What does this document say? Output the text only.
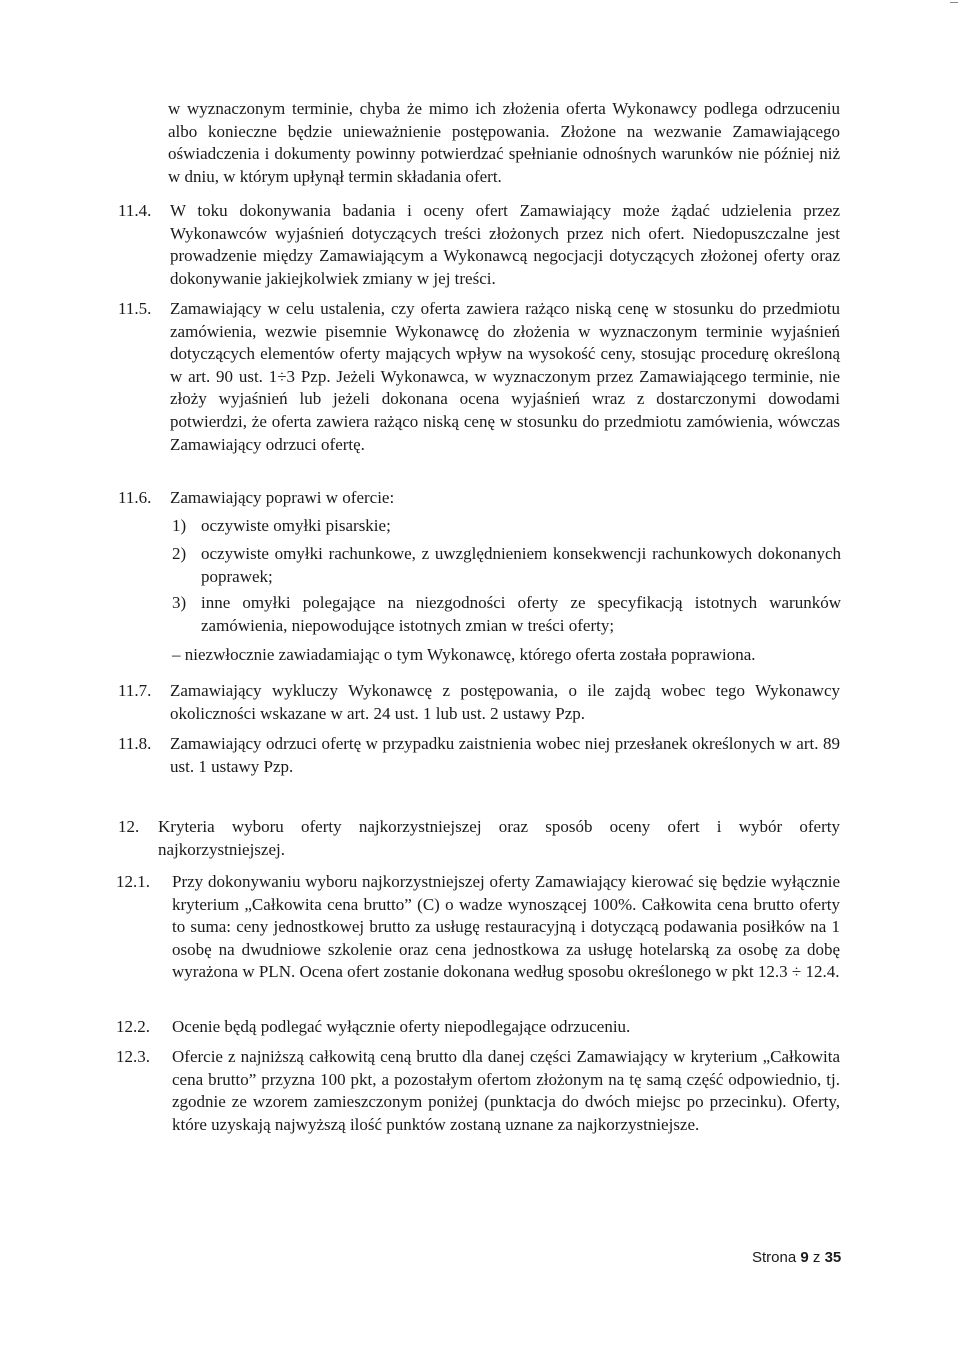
w wyznaczonym terminie, chyba że mimo ich złożenia oferta Wykonawcy podlega odrzuceniu albo konieczne będzie unieważnienie postępowania. Złożone na wezwanie Zamawiającego oświadczenia i dokumenty powinny potwierdzać spełnianie odnośnych warunków nie później niż w dniu, w którym upłynął termin składania ofert.

11.4. W toku dokonywania badania i oceny ofert Zamawiający może żądać udzielenia przez Wykonawców wyjaśnień dotyczących treści złożonych przez nich ofert. Niedopuszczalne jest prowadzenie między Zamawiającym a Wykonawcą negocjacji dotyczących złożonej oferty oraz dokonywanie jakiejkolwiek zmiany w jej treści.

11.5. Zamawiający w celu ustalenia, czy oferta zawiera rażąco niską cenę w stosunku do przedmiotu zamówienia, wezwie pisemnie Wykonawcę do złożenia w wyznaczonym terminie wyjaśnień dotyczących elementów oferty mających wpływ na wysokość ceny, stosując procedurę określoną w art. 90 ust. 1÷3 Pzp. Jeżeli Wykonawca, w wyznaczonym przez Zamawiającego terminie, nie złoży wyjaśnień lub jeżeli dokonana ocena wyjaśnień wraz z dostarczonymi dowodami potwierdzi, że oferta zawiera rażąco niską cenę w stosunku do przedmiotu zamówienia, wówczas Zamawiający odrzuci ofertę.

11.6. Zamawiający poprawi w ofercie:

1) oczywiste omyłki pisarskie;

2) oczywiste omyłki rachunkowe, z uwzględnieniem konsekwencji rachunkowych dokonanych poprawek;

3) inne omyłki polegające na niezgodności oferty ze specyfikacją istotnych warunków zamówienia, niepowodujące istotnych zmian w treści oferty;

– niezwłocznie zawiadamiając o tym Wykonawcę, którego oferta została poprawiona.

11.7. Zamawiający wykluczy Wykonawcę z postępowania, o ile zajdą wobec tego Wykonawcy okoliczności wskazane w art. 24 ust. 1 lub ust. 2 ustawy Pzp.

11.8. Zamawiający odrzuci ofertę w przypadku zaistnienia wobec niej przesłanek określonych w art. 89 ust. 1 ustawy Pzp.

12. Kryteria wyboru oferty najkorzystniejszej oraz sposób oceny ofert i wybór oferty najkorzystniejszej.

12.1. Przy dokonywaniu wyboru najkorzystniejszej oferty Zamawiający kierować się będzie wyłącznie kryterium „Całkowita cena brutto” (C) o wadze wynoszącej 100%. Całkowita cena brutto oferty to suma: ceny jednostkowej brutto za usługę restauracyjną i dotyczącą podawania posiłków na 1 osobę na dwudniowe szkolenie oraz cena jednostkowa za usługę hotelarską za osobę za dobę wyrażona w PLN. Ocena ofert zostanie dokonana według sposobu określonego w pkt 12.3 ÷ 12.4.

12.2. Ocenie będą podlegać wyłącznie oferty niepodlegające odrzuceniu.

12.3. Ofercie z najniższą całkowitą ceną brutto dla danej części Zamawiający w kryterium „Całkowita cena brutto” przyzna 100 pkt, a pozostałym ofertom złożonym na tę samą część odpowiednio, tj. zgodnie ze wzorem zamieszczonym poniżej (punktacja do dwóch miejsc po przecinku). Oferty, które uzyskają najwyższą ilość punktów zostaną uznane za najkorzystniejsze.

Strona 9 z 35
